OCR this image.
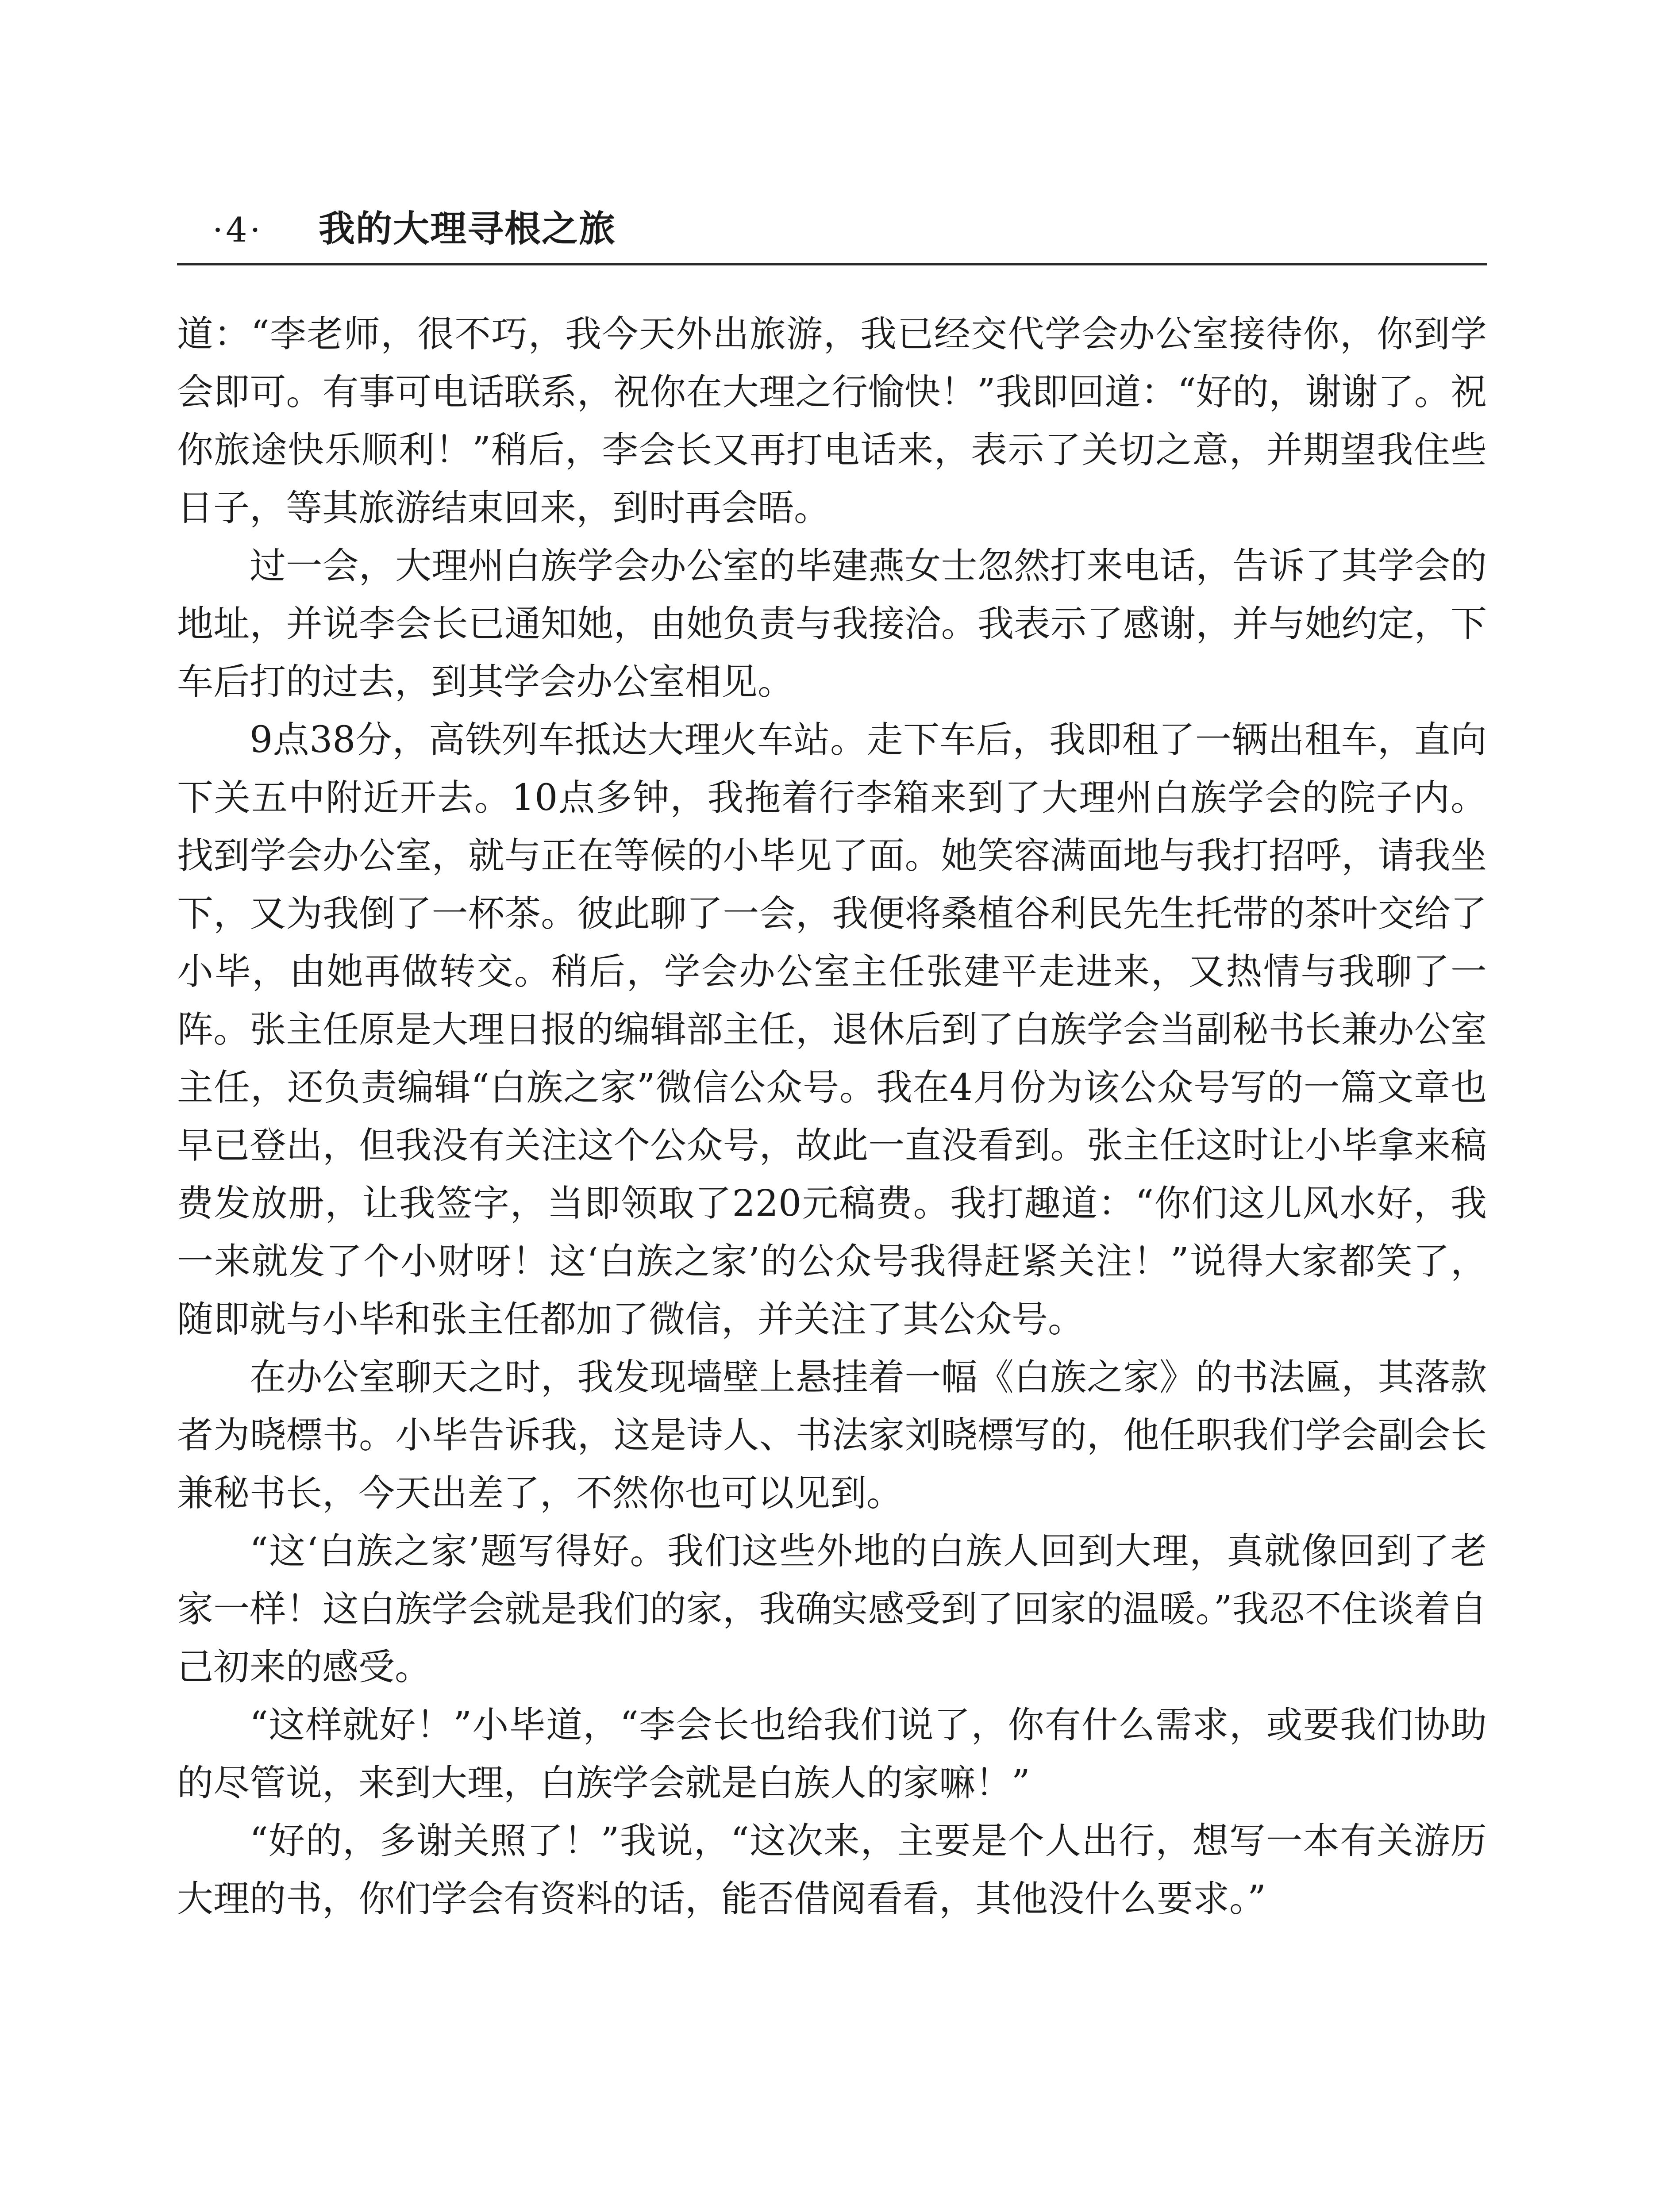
·4· 我的大理寻根之旅

道：“李老师，很不巧，我今天外出旅游，我已经交代学会办公室接待你，你到学会即可。有事可电话联系，祝你在大理之行愉快！”我即回道：“好的，谢谢了。祝你旅途快乐顺利！”稍后，李会长又再打电话来，表示了关切之意，并期望我住些日子，等其旅游结束回来，到时再会晤。

过一会，大理州白族学会办公室的毕建燕女士忽然打来电话，告诉了其学会的地址，并说李会长已通知她，由她负责与我接洽。我表示了感谢，并与她约定，下车后打的过去，到其学会办公室相见。

9点38分，高铁列车抵达大理火车站。走下车后，我即租了一辆出租车，直向下关五中附近开去。10点多钟，我拖着行李箱来到了大理州白族学会的院子内。找到学会办公室，就与正在等候的小毕见了面。她笑容满面地与我打招呼，请我坐下，又为我倒了一杯茶。彼此聊了一会，我便将桑植谷利民先生托带的茶叶交给了小毕，由她再做转交。稍后，学会办公室主任张建平走进来，又热情与我聊了一阵。张主任原是大理日报的编辑部主任，退休后到了白族学会当副秘书长兼办公室主任，还负责编辑“白族之家”微信公众号。我在4月份为该公众号写的一篇文章也早已登出，但我没有关注这个公众号，故此一直没看到。张主任这时让小毕拿来稿费发放册，让我签字，当即领取了220元稿费。我打趣道：“你们这儿风水好，我一来就发了个小财呀！这‘白族之家’的公众号我得赶紧关注！”说得大家都笑了，随即就与小毕和张主任都加了微信，并关注了其公众号。

在办公室聊天之时，我发现墙壁上悬挂着一幅《白族之家》的书法匾，其落款者为晓標书。小毕告诉我，这是诗人、书法家刘晓標写的，他任职我们学会副会长兼秘书长，今天出差了，不然你也可以见到。

“这‘白族之家’题写得好。我们这些外地的白族人回到大理，真就像回到了老家一样！这白族学会就是我们的家，我确实感受到了回家的温暖。”我忍不住谈着自己初来的感受。

“这样就好！”小毕道，“李会长也给我们说了，你有什么需求，或要我们协助的尽管说，来到大理，白族学会就是白族人的家嘛！”

“好的，多谢关照了！”我说，“这次来，主要是个人出行，想写一本有关游历大理的书，你们学会有资料的话，能否借阅看看，其他没什么要求。”
